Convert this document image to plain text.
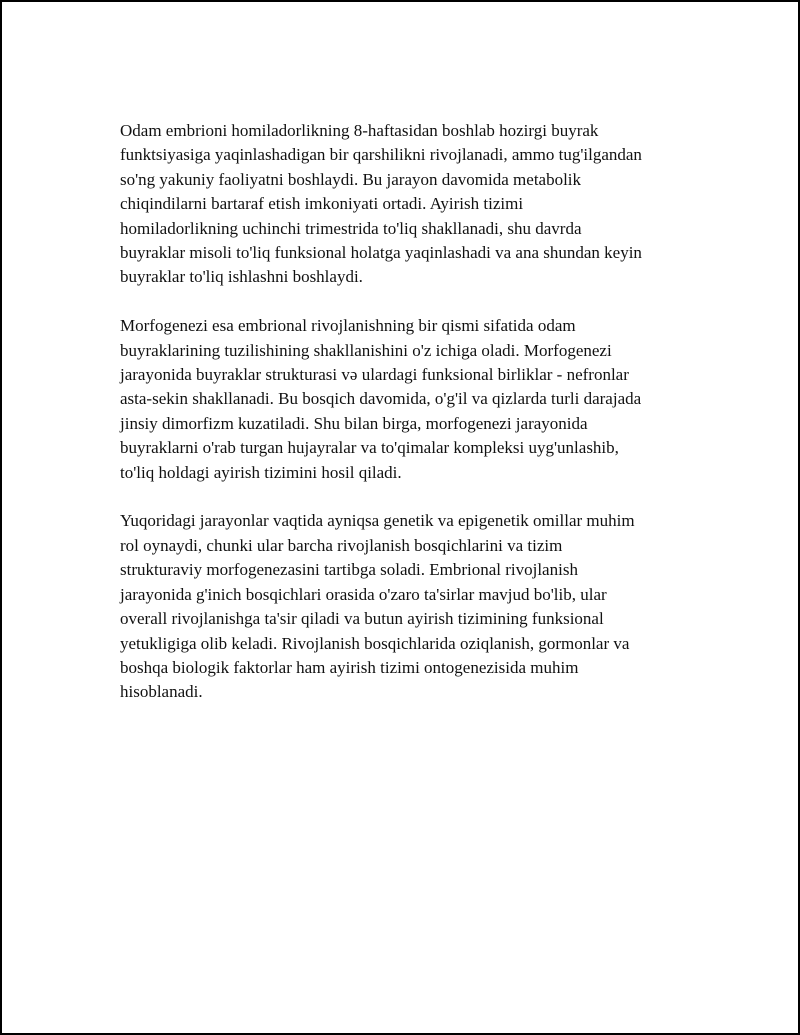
Odam embrioni homiladorlikning 8-haftasidan boshlab hozirgi buyrak
funktsiyasiga yaqinlashadigan bir qarshilikni rivojlanadi, ammo tug'ilgandan
so'ng yakuniy faoliyatni boshlaydi. Bu jarayon davomida metabolik
chiqindilarni bartaraf etish imkoniyati ortadi. Ayirish tizimi
homiladorlikning uchinchi trimestrida to'liq shakllanadi, shu davrda
buyraklar misoli to'liq funksional holatga yaqinlashadi va ana shundan keyin
buyraklar to'liq ishlashni boshlaydi.

Morfogenezi esa embrional rivojlanishning bir qismi sifatida odam
buyraklarining tuzilishining shakllanishini o'z ichiga oladi. Morfogenezi
jarayonida buyraklar strukturasi və ulardagi funksional birliklar - nefronlar
asta-sekin shakllanadi. Bu bosqich davomida, o'g'il va qizlarda turli darajada
jinsiy dimorfizm kuzatiladi. Shu bilan birga, morfogenezi jarayonida
buyraklarni o'rab turgan hujayralar va to'qimalar kompleksi uyg'unlashib,
to'liq holdagi ayirish tizimini hosil qiladi.

Yuqoridagi jarayonlar vaqtida ayniqsa genetik va epigenetik omillar muhim
rol oynaydi, chunki ular barcha rivojlanish bosqichlarini va tizim
strukturaviy morfogenezasini tartibga soladi. Embrional rivojlanish
jarayonida g'inich bosqichlari orasida o'zaro ta'sirlar mavjud bo'lib, ular
overall rivojlanishga ta'sir qiladi va butun ayirish tizimining funksional
yetukligiga olib keladi. Rivojlanish bosqichlarida oziqlanish, gormonlar va
boshqa biologik faktorlar ham ayirish tizimi ontogenezisida muhim
hisoblanadi.
